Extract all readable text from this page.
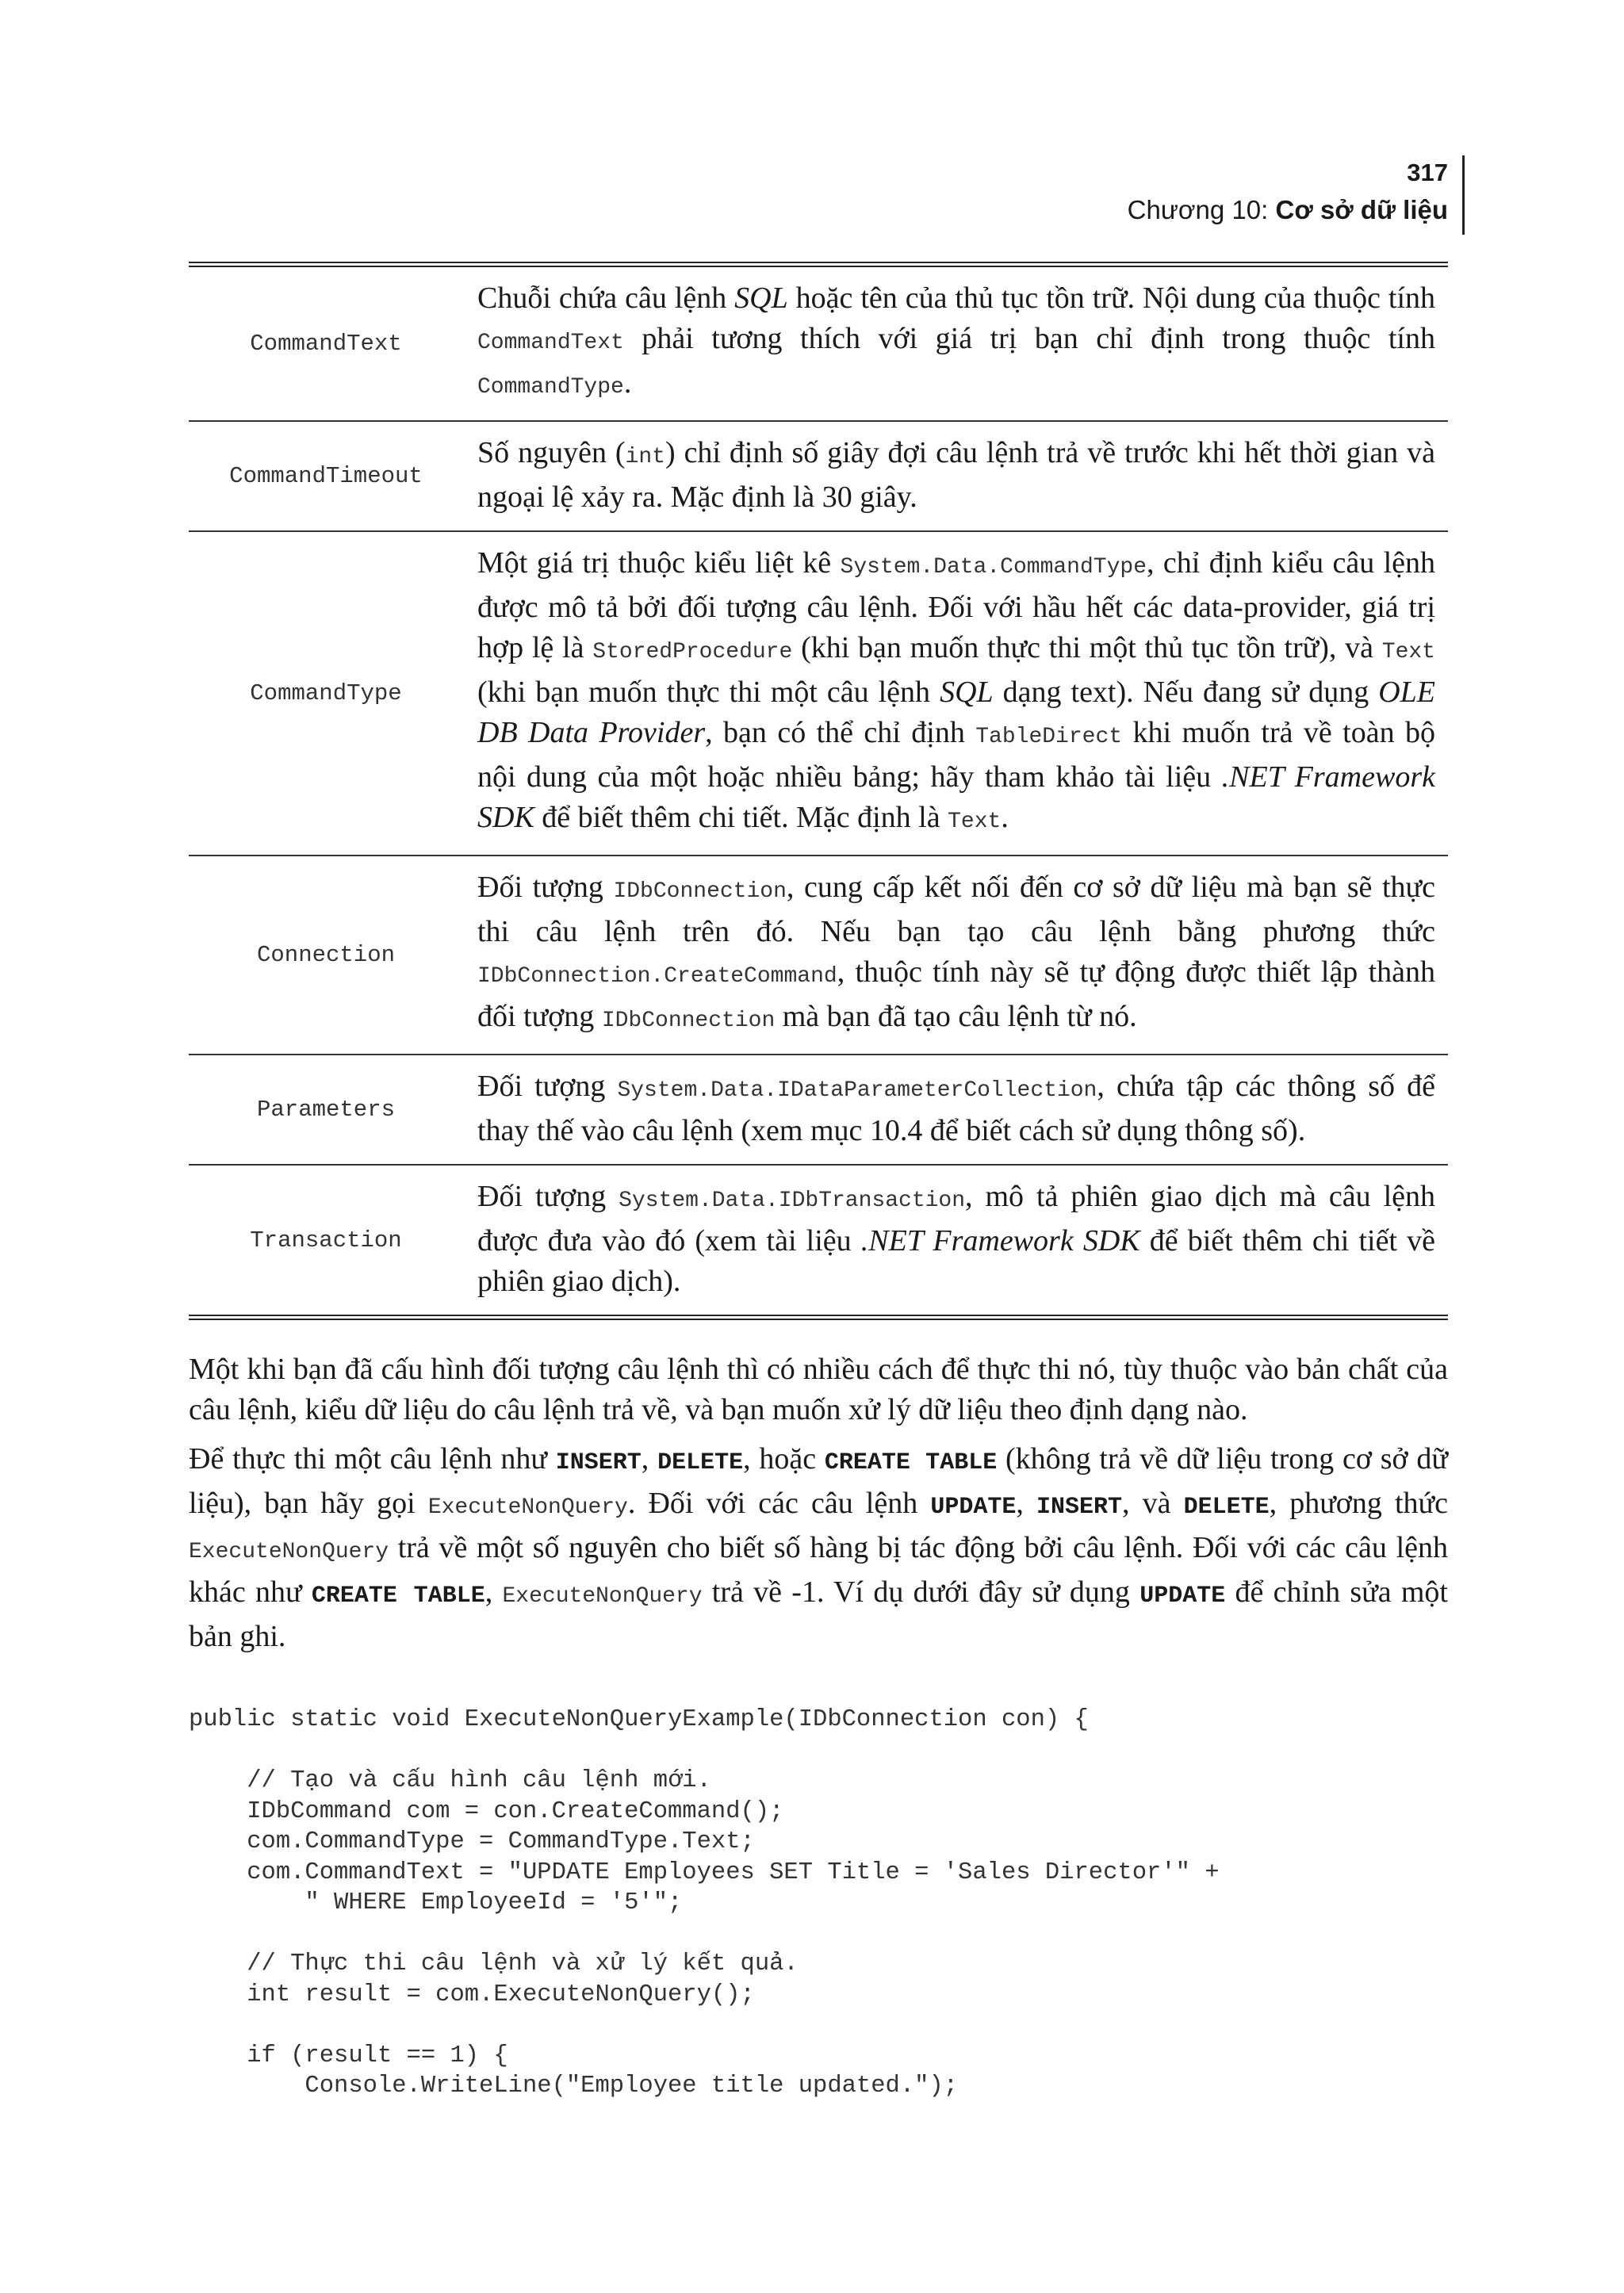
317
Chương 10: Cơ sở dữ liệu
CommandText	Chuỗi chứa câu lệnh SQL hoặc tên của thủ tục tồn trữ. Nội dung của thuộc tính CommandText phải tương thích với giá trị bạn chỉ định trong thuộc tính CommandType.
CommandTimeout	Số nguyên (int) chỉ định số giây đợi câu lệnh trả về trước khi hết thời gian và ngoại lệ xảy ra. Mặc định là 30 giây.
CommandType	Một giá trị thuộc kiểu liệt kê System.Data.CommandType, chỉ định kiểu câu lệnh được mô tả bởi đối tượng câu lệnh. Đối với hầu hết các data-provider, giá trị hợp lệ là StoredProcedure (khi bạn muốn thực thi một thủ tục tồn trữ), và Text (khi bạn muốn thực thi một câu lệnh SQL dạng text). Nếu đang sử dụng OLE DB Data Provider, bạn có thể chỉ định TableDirect khi muốn trả về toàn bộ nội dung của một hoặc nhiều bảng; hãy tham khảo tài liệu .NET Framework SDK để biết thêm chi tiết. Mặc định là Text.
Connection	Đối tượng IDbConnection, cung cấp kết nối đến cơ sở dữ liệu mà bạn sẽ thực thi câu lệnh trên đó. Nếu bạn tạo câu lệnh bằng phương thức IDbConnection.CreateCommand, thuộc tính này sẽ tự động được thiết lập thành đối tượng IDbConnection mà bạn đã tạo câu lệnh từ nó.
Parameters	Đối tượng System.Data.IDataParameterCollection, chứa tập các thông số để thay thế vào câu lệnh (xem mục 10.4 để biết cách sử dụng thông số).
Transaction	Đối tượng System.Data.IDbTransaction, mô tả phiên giao dịch mà câu lệnh được đưa vào đó (xem tài liệu .NET Framework SDK để biết thêm chi tiết về phiên giao dịch).

Một khi bạn đã cấu hình đối tượng câu lệnh thì có nhiều cách để thực thi nó, tùy thuộc vào bản chất của câu lệnh, kiểu dữ liệu do câu lệnh trả về, và bạn muốn xử lý dữ liệu theo định dạng nào.

Để thực thi một câu lệnh như INSERT, DELETE, hoặc CREATE TABLE (không trả về dữ liệu trong cơ sở dữ liệu), bạn hãy gọi ExecuteNonQuery. Đối với các câu lệnh UPDATE, INSERT, và DELETE, phương thức ExecuteNonQuery trả về một số nguyên cho biết số hàng bị tác động bởi câu lệnh. Đối với các câu lệnh khác như CREATE TABLE, ExecuteNonQuery trả về -1. Ví dụ dưới đây sử dụng UPDATE để chỉnh sửa một bản ghi.

public static void ExecuteNonQueryExample(IDbConnection con) {

// Tạo và cấu hình câu lệnh mới.
IDbCommand com = con.CreateCommand();
com.CommandType = CommandType.Text;
com.CommandText = "UPDATE Employees SET Title = 'Sales Director'" +
" WHERE EmployeeId = '5'";

// Thực thi câu lệnh và xử lý kết quả.
int result = com.ExecuteNonQuery();

if (result == 1) {
Console.WriteLine("Employee title updated.");
